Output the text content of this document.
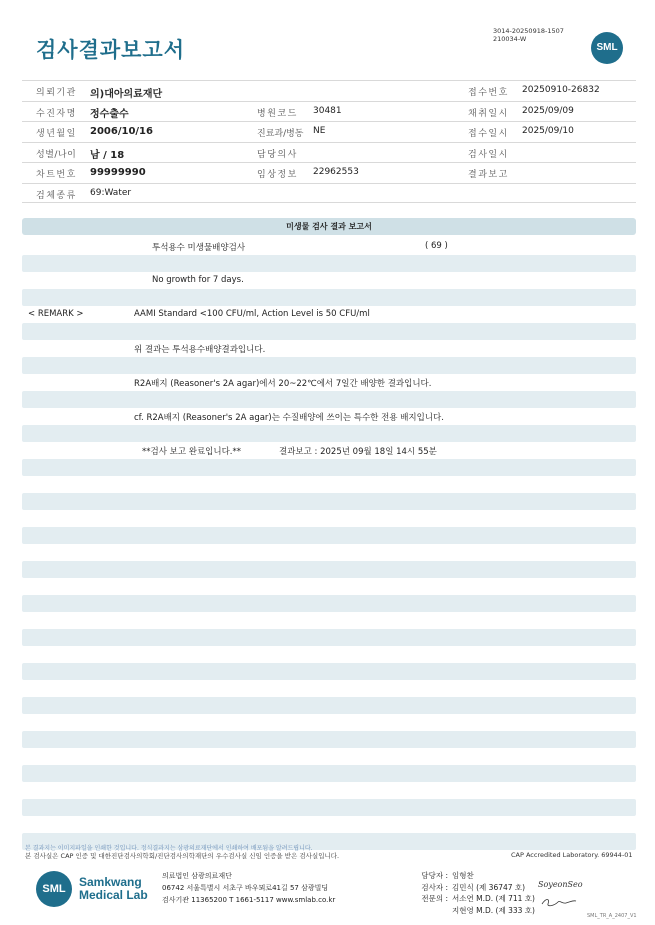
검사결과보고서
3014-20250918-1507
210034-W
SML
의뢰기관 의)대아의료재단	접수번호 20250910-26832
수진자명 정수출수	병원코드 30481	채취일시 2025/09/09
생년월일 2006/10/16	진료과/병동 NE	접수일시 2025/09/10
성별/나이 남 / 18	담당의사	검사일시
차트번호 99999990	임상정보 22962553	결과보고
검체종류 69:Water
미생물 검사 결과 보고서
투석용수 미생물배양검사	( 69 )
No growth for 7 days.
< REMARK >	AAMI Standard <100 CFU/ml, Action Level is 50 CFU/ml
위 결과는 투석용수배양결과입니다.
R2A배지 (Reasoner's 2A agar)에서 20~22℃에서 7일간 배양한 결과입니다.
cf. R2A배지 (Reasoner's 2A agar)는 수질배양에 쓰이는 특수한 전용 배지입니다.
**검사 보고 완료입니다.**	결과보고 : 2025년 09월 18일 14시 55분
본 결과지는 이미지파일을 인쇄한 것입니다. 정식결과지는 삼광의료재단에서 인쇄하여 배포됨을 알려드립니다.
본 검사실은 CAP 인증 및 대한진단검사의학회/진단검사의학재단의 우수검사실 신임 인증을 받은 검사실입니다.	CAP Accredited Laboratory. 69944-01
SML	Samkwang
Medical Lab
의료법인 삼광의료재단
06742 서울특별시 서초구 바우뫼로41길 57 삼광빌딩
검사기관 11365200 T 1661-5117 www.smlab.co.kr
담당자 : 임형찬
검사자 : 김민식 (제 36747 호)
전문의 : 서소연 M.D. (제 711 호)
지현영 M.D. (제 333 호)
SoyeonSeo
SML_TR_A_2407_V1
